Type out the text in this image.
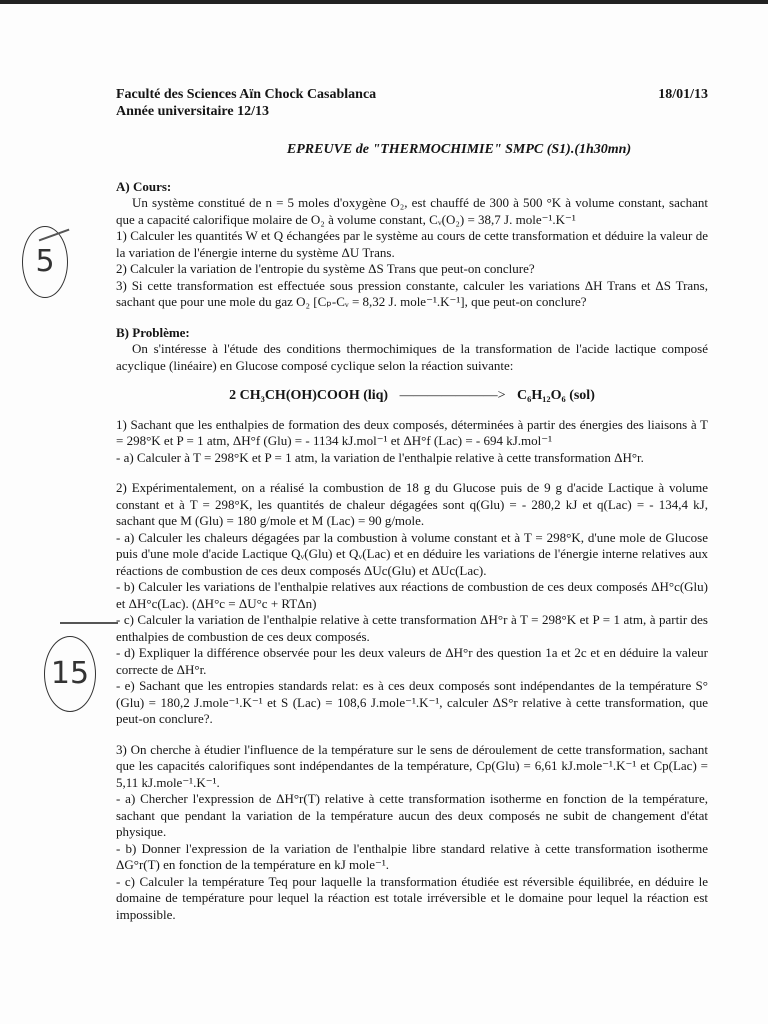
5
15
Faculté des Sciences Aïn Chock Casablanca
Année universitaire 12/13
18/01/13
EPREUVE de "THERMOCHIMIE" SMPC (S1).(1h30mn)
A) Cours:

Un système constitué de n = 5 moles d'oxygène O₂, est chauffé de 300 à 500 °K à volume constant, sachant que a capacité calorifique molaire de O₂ à volume constant, Cᵥ(O₂) = 38,7 J. mole⁻¹.K⁻¹

1) Calculer les quantités W et Q échangées par le système au cours de cette transformation et déduire la valeur de la variation de l'énergie interne du système ΔU Trans.

2) Calculer la variation de l'entropie du système ΔS Trans que peut-on conclure?

3) Si cette transformation est effectuée sous pression constante, calculer les variations ΔH Trans et ΔS Trans, sachant que pour une mole du gaz O₂ [Cₚ-Cᵥ = 8,32 J. mole⁻¹.K⁻¹], que peut-on conclure?

B) Problème:

On s'intéresse à l'étude des conditions thermochimiques de la transformation de l'acide lactique composé acyclique (linéaire) en Glucose composé cyclique selon la réaction suivante:

2 CH₃CH(OH)COOH (liq) ———————> C₆H₁₂O₆ (sol)

1) Sachant que les enthalpies de formation des deux composés, déterminées à partir des énergies des liaisons à T = 298°K et P = 1 atm, ΔH°f (Glu) = - 1134 kJ.mol⁻¹ et ΔH°f (Lac) = - 694 kJ.mol⁻¹

- a) Calculer à T = 298°K et P = 1 atm, la variation de l'enthalpie relative à cette transformation ΔH°r.

2) Expérimentalement, on a réalisé la combustion de 18 g du Glucose puis de 9 g d'acide Lactique à volume constant et à T = 298°K, les quantités de chaleur dégagées sont q(Glu) = - 280,2 kJ et q(Lac) = - 134,4 kJ, sachant que M (Glu) = 180 g/mole et M (Lac) = 90 g/mole.

- a) Calculer les chaleurs dégagées par la combustion à volume constant et à T = 298°K, d'une mole de Glucose puis d'une mole d'acide Lactique Qᵥ(Glu) et Qᵥ(Lac) et en déduire les variations de l'énergie interne relatives aux réactions de combustion de ces deux composés ΔUc(Glu) et ΔUc(Lac).

- b) Calculer les variations de l'enthalpie relatives aux réactions de combustion de ces deux composés ΔH°c(Glu) et ΔH°c(Lac). (ΔH°c = ΔU°c + RTΔn)

- c) Calculer la variation de l'enthalpie relative à cette transformation ΔH°r à T = 298°K et P = 1 atm, à partir des enthalpies de combustion de ces deux composés.

- d) Expliquer la différence observée pour les deux valeurs de ΔH°r des question 1a et 2c et en déduire la valeur correcte de ΔH°r.

- e) Sachant que les entropies standards relat: es à ces deux composés sont indépendantes de la température S°(Glu) = 180,2 J.mole⁻¹.K⁻¹ et S (Lac) = 108,6 J.mole⁻¹.K⁻¹, calculer ΔS°r relative à cette transformation, que peut-on conclure?.

3) On cherche à étudier l'influence de la température sur le sens de déroulement de cette transformation, sachant que les capacités calorifiques sont indépendantes de la température, Cp(Glu) = 6,61 kJ.mole⁻¹.K⁻¹ et Cp(Lac) = 5,11 kJ.mole⁻¹.K⁻¹.

- a) Chercher l'expression de ΔH°r(T) relative à cette transformation isotherme en fonction de la température, sachant que pendant la variation de la température aucun des deux composés ne subit de changement d'état physique.

- b) Donner l'expression de la variation de l'enthalpie libre standard relative à cette transformation isotherme ΔG°r(T) en fonction de la température en kJ mole⁻¹.

- c) Calculer la température Teq pour laquelle la transformation étudiée est réversible équilibrée, en déduire le domaine de température pour lequel la réaction est totale irréversible et le domaine pour lequel la réaction est impossible.
